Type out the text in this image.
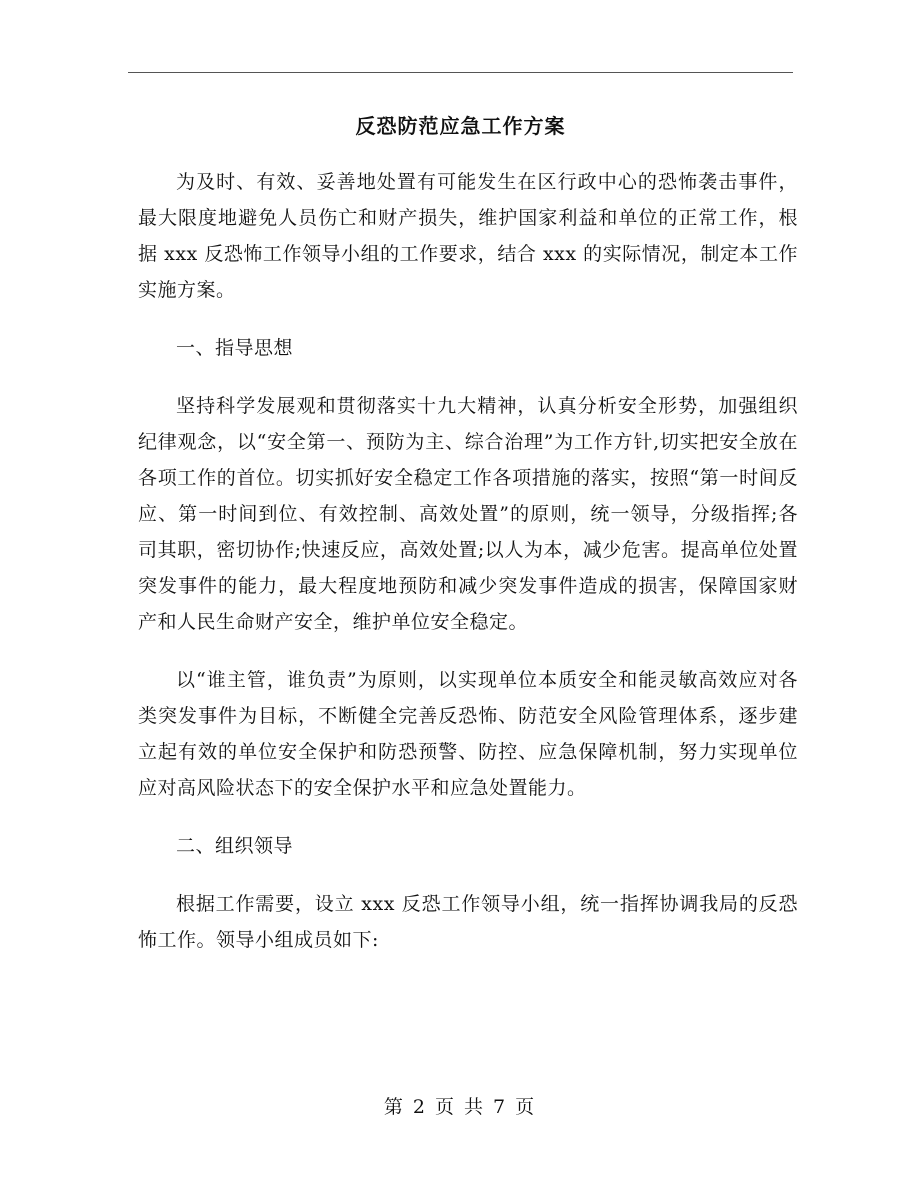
反恐防范应急工作方案

为及时、有效、妥善地处置有可能发生在区行政中心的恐怖袭击事件，最大限度地避免人员伤亡和财产损失，维护国家利益和单位的正常工作，根据 xxx 反恐怖工作领导小组的工作要求，结合 xxx 的实际情况，制定本工作实施方案。

一、指导思想

坚持科学发展观和贯彻落实十九大精神，认真分析安全形势，加强组织纪律观念，以“安全第一、预防为主、综合治理”为工作方针,切实把安全放在各项工作的首位。切实抓好安全稳定工作各项措施的落实，按照“第一时间反应、第一时间到位、有效控制、高效处置”的原则，统一领导，分级指挥;各司其职，密切协作;快速反应，高效处置;以人为本，减少危害。提高单位处置突发事件的能力，最大程度地预防和减少突发事件造成的损害，保障国家财产和人民生命财产安全，维护单位安全稳定。

以“谁主管，谁负责”为原则，以实现单位本质安全和能灵敏高效应对各类突发事件为目标，不断健全完善反恐怖、防范安全风险管理体系，逐步建立起有效的单位安全保护和防恐预警、防控、应急保障机制，努力实现单位应对高风险状态下的安全保护水平和应急处置能力。

二、组织领导

根据工作需要，设立 xxx 反恐工作领导小组，统一指挥协调我局的反恐怖工作。领导小组成员如下:

第 2 页 共 7 页
